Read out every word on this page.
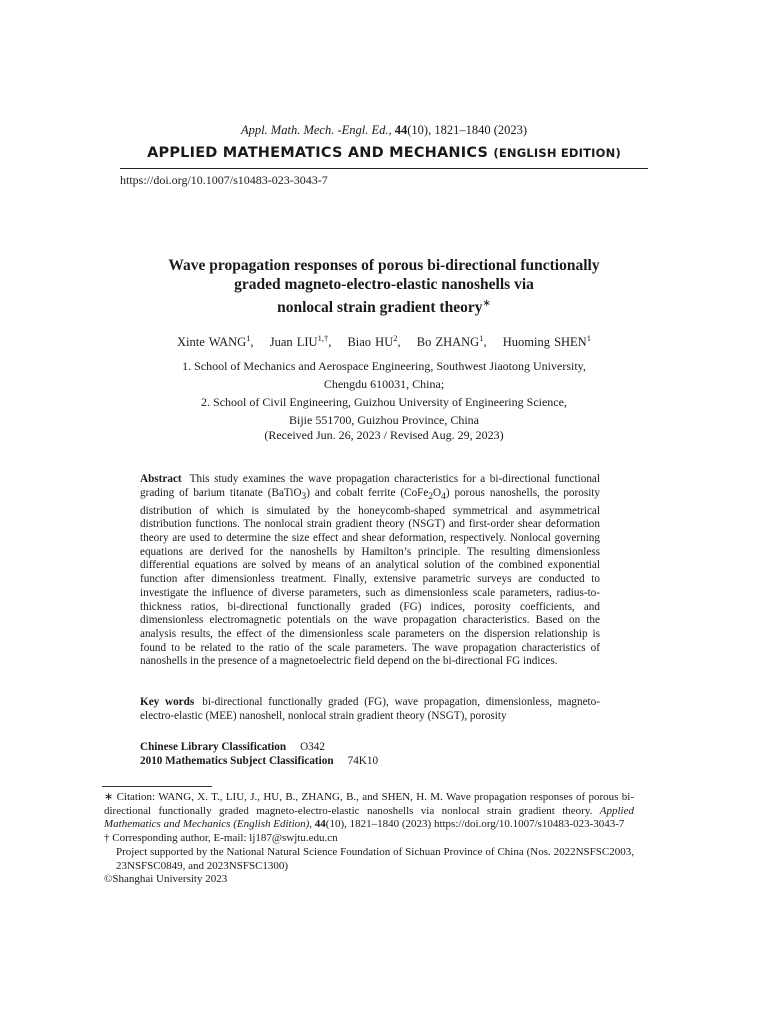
Appl. Math. Mech. -Engl. Ed., 44(10), 1821–1840 (2023)
APPLIED MATHEMATICS AND MECHANICS (ENGLISH EDITION)
https://doi.org/10.1007/s10483-023-3043-7
Wave propagation responses of porous bi-directional functionally
graded magneto-electro-elastic nanoshells via
nonlocal strain gradient theory∗
Xinte WANG$^1$, Juan $LIU^{1,\dagger}$, Biao $HU^2$, Bo ZHANG$^1$, Huoming SHEN$^1$
1. School of Mechanics and Aerospace Engineering, Southwest Jiaotong University,
Chengdu 610031, China;
2. School of Civil Engineering, Guizhou University of Engineering Science,
Bijie 551700, Guizhou Province, China
(Received Jun. 26, 2023 / Revised Aug. 29, 2023)
Abstract This study examines the wave propagation characteristics for a bi-directional functional grading of barium titanate (BaTiO$_3$) and cobalt ferrite $(CoFe_2O_4)$ porous nanoshells, the porosity distribution of which is simulated by the honeycomb-shaped symmetrical and asymmetrical distribution functions. The nonlocal strain gradient theory (NSGT) and first-order shear deformation theory are used to determine the size effect and shear deformation, respectively. Nonlocal governing equations are derived for the nanoshells by Hamilton’s principle. The resulting dimensionless differential equations are solved by means of an analytical solution of the combined exponential function after dimensionless treatment. Finally, extensive parametric surveys are conducted to investigate the influence of diverse parameters, such as dimensionless scale parameters, radius-to-thickness ratios, bi-directional functionally graded (FG) indices, porosity coefficients, and dimensionless electromagnetic potentials on the wave propagation characteristics. Based on the analysis results, the effect of the dimensionless scale parameters on the dispersion relationship is found to be related to the ratio of the scale parameters. The wave propagation characteristics of nanoshells in the presence of a magnetoelectric field depend on the bi-directional FG indices.
Key words bi-directional functionally graded (FG), wave propagation, dimensionless, magneto-electro-elastic (MEE) nanoshell, nonlocal strain gradient theory (NSGT), porosity
Chinese Library Classification O342
2010 Mathematics Subject Classification 74K10

∗ Citation: WANG, X. T., LIU, J., HU, B., ZHANG, B., and SHEN, H. M. Wave propagation responses of porous bi-directional functionally graded magneto-electro-elastic nanoshells via nonlocal strain gradient theory. Applied Mathematics and Mechanics (English Edition), 44(10), 1821–1840 (2023) https://doi.org/10.1007/s10483-023-3043-7

† Corresponding author, E-mail: lj187@swjtu.edu.cn

Project supported by the National Natural Science Foundation of Sichuan Province of China (Nos. 2022NSFSC2003, 23NSFSC0849, and 2023NSFSC1300)

©Shanghai University 2023
